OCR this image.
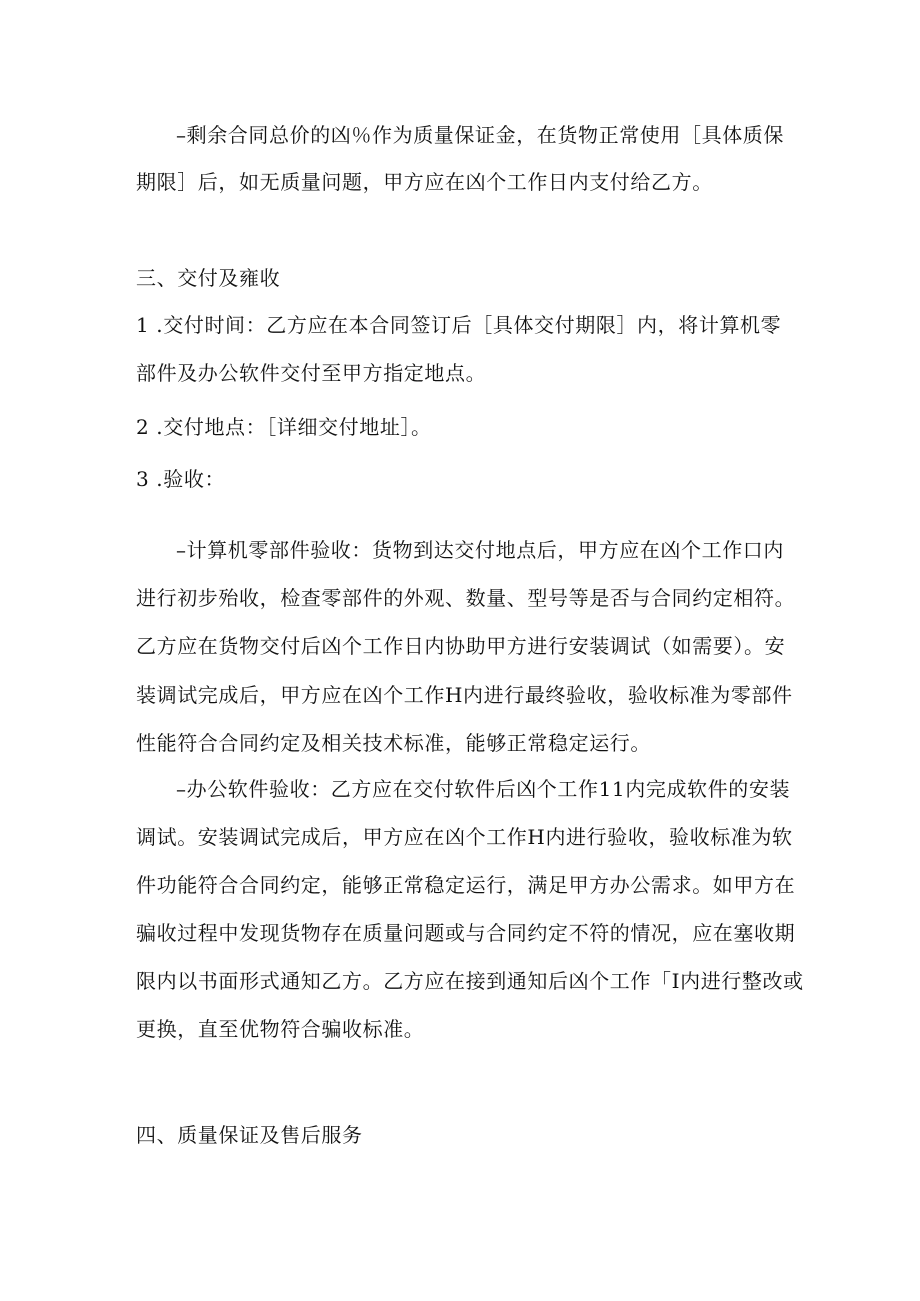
–剩余合同总价的凶％作为质量保证金，在货物正常使用［具体质保
期限］后，如无质量问题，甲方应在凶个工作日内支付给乙方。
三、交付及雍收
1 .交付时间：乙方应在本合同签订后［具体交付期限］内，将计算机零
部件及办公软件交付至甲方指定地点。
2 .交付地点：［详细交付地址］。
3 .验收：
–计算机零部件验收：货物到达交付地点后，甲方应在凶个工作口内
进行初步殆收，检查零部件的外观、数量、型号等是否与合同约定相符。
乙方应在货物交付后凶个工作日内协助甲方进行安装调试（如需要）。安
装调试完成后，甲方应在凶个工作H内进行最终验收，验收标准为零部件
性能符合合同约定及相关技术标准，能够正常稳定运行。
–办公软件验收：乙方应在交付软件后凶个工作11内完成软件的安装
调试。安装调试完成后，甲方应在凶个工作H内进行验收，验收标准为软
件功能符合合同约定，能够正常稳定运行，满足甲方办公需求。如甲方在
骗收过程中发现货物存在质量问题或与合同约定不符的情况，应在塞收期
限内以书面形式通知乙方。乙方应在接到通知后凶个工作「I内进行整改或
更换，直至优物符合骗收标准。
四、质量保证及售后服务
